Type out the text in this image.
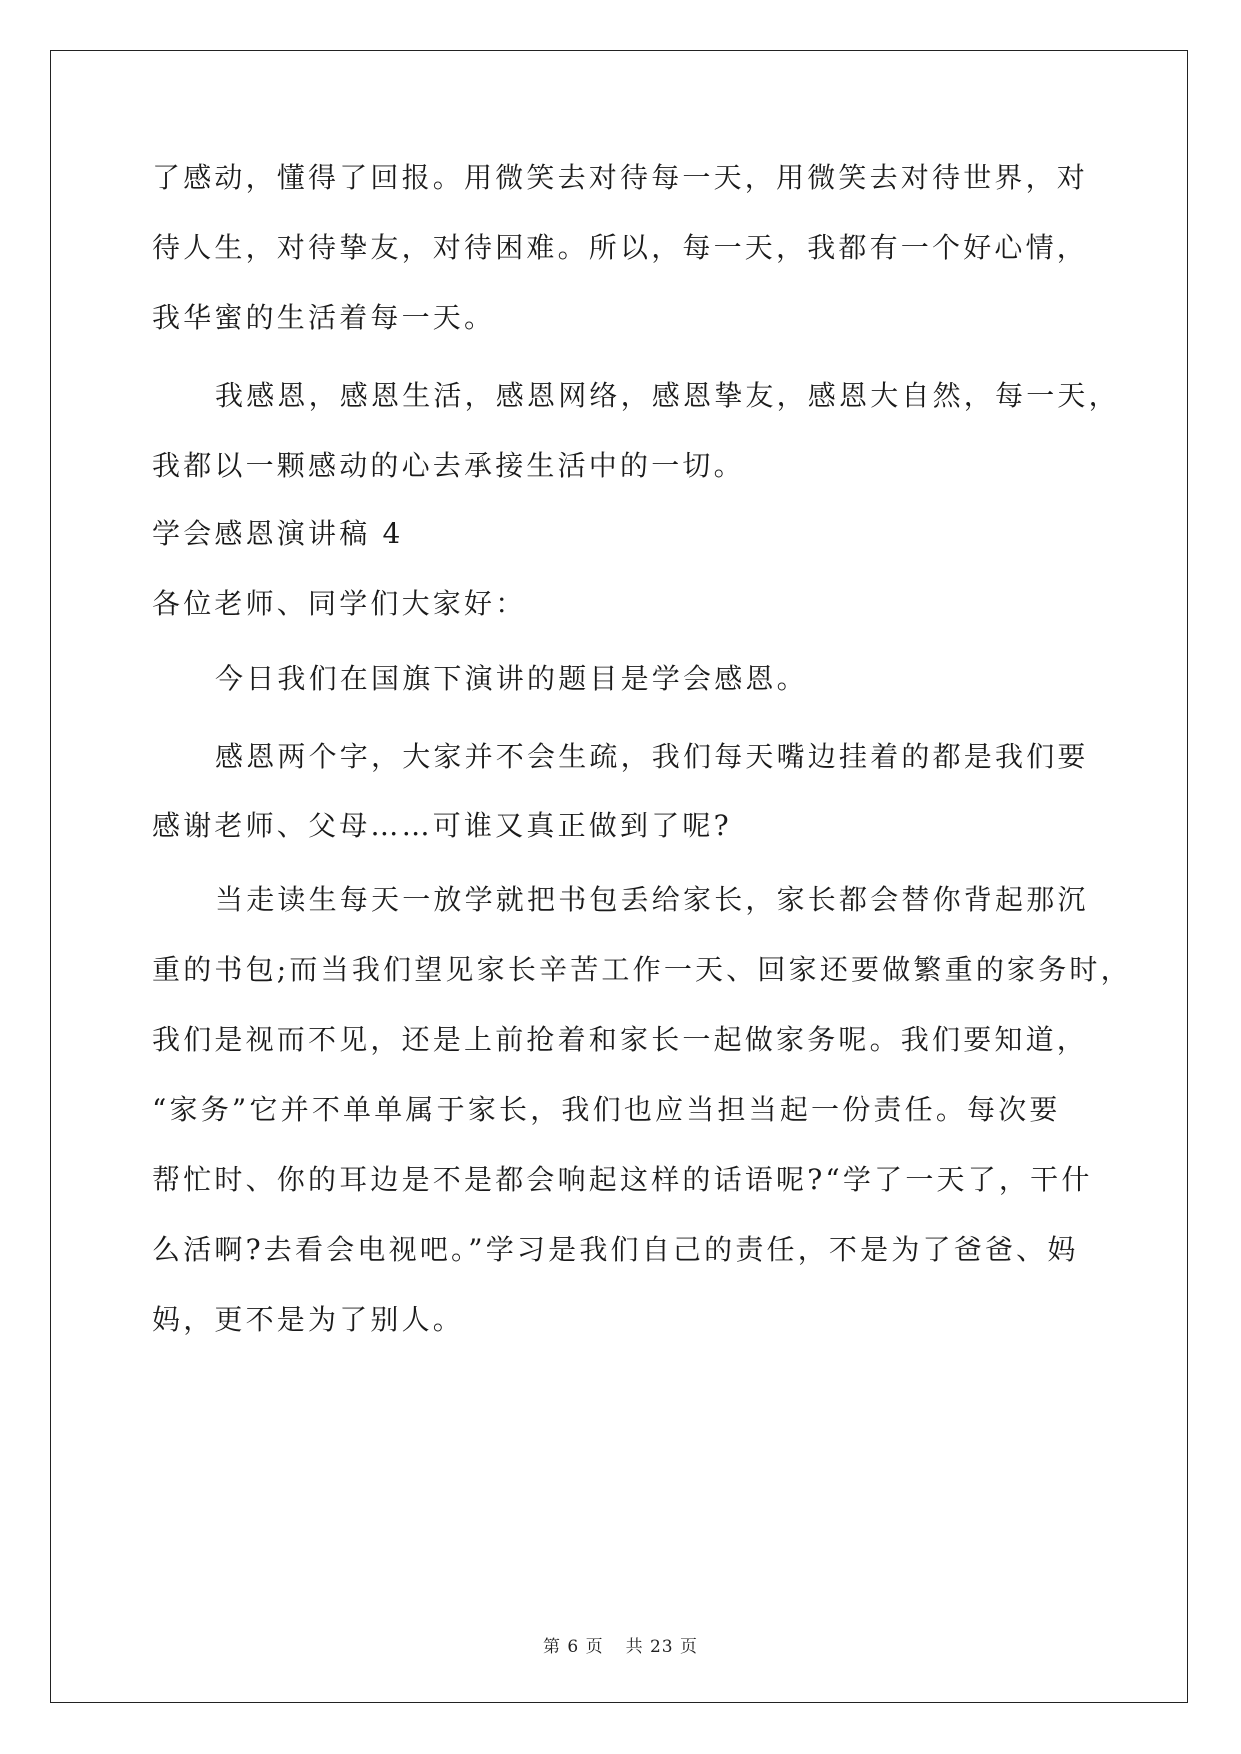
了感动，懂得了回报。用微笑去对待每一天，用微笑去对待世界，对
待人生，对待挚友，对待困难。所以，每一天，我都有一个好心情，
我华蜜的生活着每一天。
我感恩，感恩生活，感恩网络，感恩挚友，感恩大自然，每一天，
我都以一颗感动的心去承接生活中的一切。
学会感恩演讲稿 4
各位老师、同学们大家好：
今日我们在国旗下演讲的题目是学会感恩。
感恩两个字，大家并不会生疏，我们每天嘴边挂着的都是我们要
感谢老师、父母……可谁又真正做到了呢?
当走读生每天一放学就把书包丢给家长，家长都会替你背起那沉
重的书包;而当我们望见家长辛苦工作一天、回家还要做繁重的家务时，
我们是视而不见，还是上前抢着和家长一起做家务呢。我们要知道，
“家务”它并不单单属于家长，我们也应当担当起一份责任。每次要
帮忙时、你的耳边是不是都会响起这样的话语呢?“学了一天了，干什
么活啊?去看会电视吧。”学习是我们自己的责任，不是为了爸爸、妈
妈，更不是为了别人。
第 6 页 共 23 页
